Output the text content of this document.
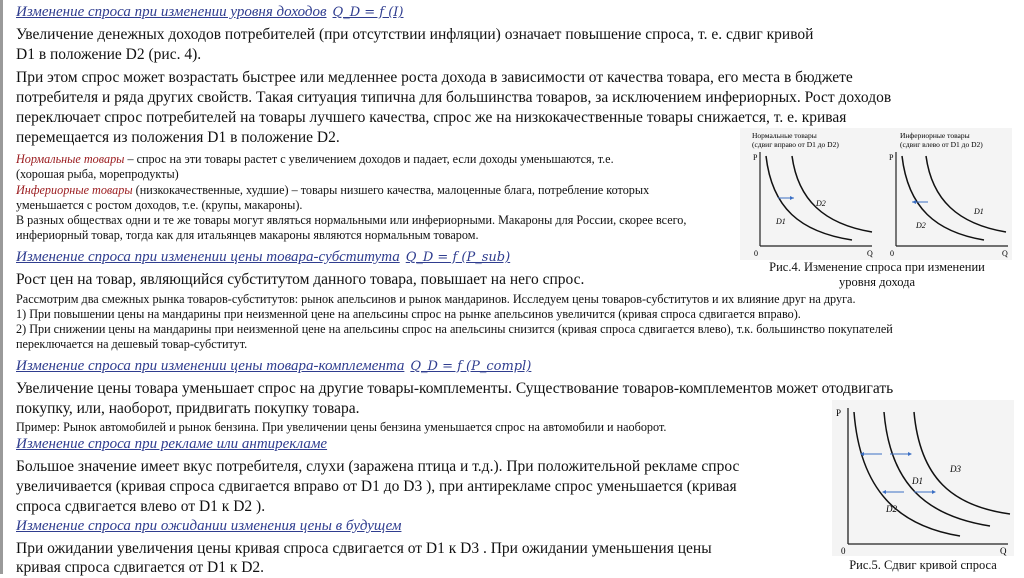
Изменение спроса при изменении уровня доходов Q_D = f (I)
Увеличение денежных доходов потребителей (при отсутствии инфляции) означает повышение спроса, т. е. сдвиг кривой
D1 в положение D2 (рис. 4).
При этом спрос может возрастать быстрее или медленнее роста дохода в зависимости от качества товара, его места в бюджете
потребителя и ряда других свойств. Такая ситуация типична для большинства товаров, за исключением инфериорных. Рост доходов
переключает спрос потребителей на товары лучшего качества, спрос же на низкокачественные товары снижается, т. е. кривая
перемещается из положения D1 в положение D2.
Нормальные товары – спрос на эти товары растет с увеличением доходов и падает, если доходы уменьшаются, т.е.
(хорошая рыба, морепродукты)
Инфериорные товары (низкокачественные, худшие) – товары низшего качества, малоценные блага, потребление которых
уменьшается с ростом доходов, т.е. (крупы, макароны).
В разных обществах одни и те же товары могут являться нормальными или инфериорными. Макароны для России, скорее всего,
инфериорный товар, тогда как для итальянцев макароны являются нормальным товаром.
Нормальные товары
(сдвиг вправо от D1 до D2)
Инфериорные товары
(сдвиг влево от D1 до D2)
P
Q
0
D1
D2
P
Q
0
D1
D2
Рис.4. Изменение спроса при изменении
уровня дохода
Изменение спроса при изменении цены товара-субститута Q_D = f (P_sub)
Рост цен на товар, являющийся субститутом данного товара, повышает на него спрос.
Рассмотрим два смежных рынка товаров-субститутов: рынок апельсинов и рынок мандаринов. Исследуем цены товаров-субститутов и их влияние друг на друга.
1) При повышении цены на мандарины при неизменной цене на апельсины спрос на рынке апельсинов увеличится (кривая спроса сдвигается вправо).
2) При снижении цены на мандарины при неизменной цене на апельсины спрос на апельсины снизится (кривая спроса сдвигается влево), т.к. большинство покупателей
переключается на дешевый товар-субститут.
Изменение спроса при изменении цены товара-комплемента Q_D = f (P_compl)
Увеличение цены товара уменьшает спрос на другие товары-комплементы. Существование товаров-комплементов может отодвигать
покупку, или, наоборот, придвигать покупку товара.
Пример: Рынок автомобилей и рынок бензина. При увеличении цены бензина уменьшается спрос на автомобили и наоборот.
Изменение спроса при рекламе или антирекламе
Большое значение имеет вкус потребителя, слухи (заражена птица и т.д.). При положительной рекламе спрос
увеличивается (кривая спроса сдвигается вправо от D1 до D3 ), при антирекламе спрос уменьшается (кривая
спроса сдвигается влево от D1 к D2 ).
Изменение спроса при ожидании изменения цены в будущем
При ожидании увеличения цены кривая спроса сдвигается от D1 к D3 . При ожидании уменьшения цены
кривая спроса сдвигается от D1 к D2.
P
Q
0
D1
D2
D3
Рис.5. Сдвиг кривой спроса
